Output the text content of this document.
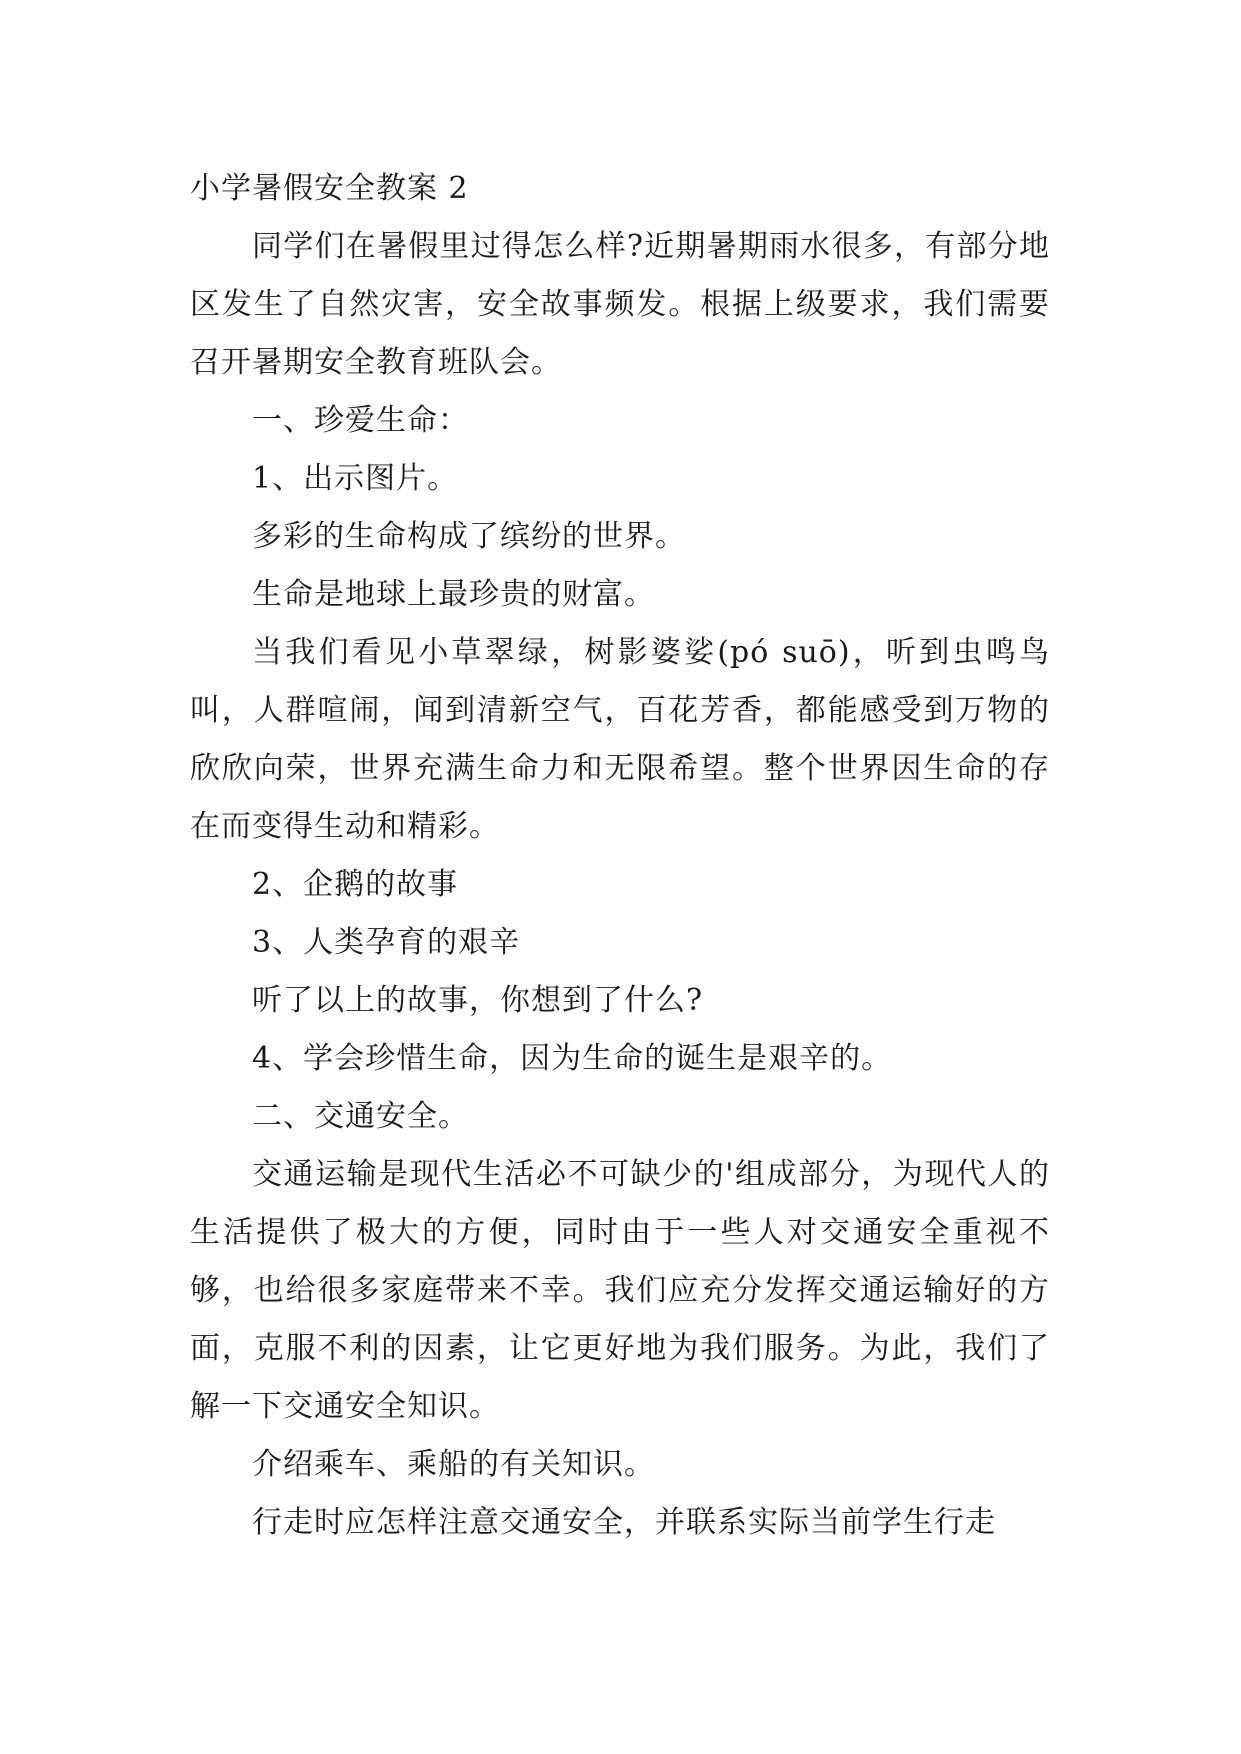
小学暑假安全教案 2

同学们在暑假里过得怎么样?近期暑期雨水很多，有部分地区发生了自然灾害，安全故事频发。根据上级要求，我们需要召开暑期安全教育班队会。

一、珍爱生命：

1、出示图片。

多彩的生命构成了缤纷的世界。

生命是地球上最珍贵的财富。

当我们看见小草翠绿，树影婆娑(pó suō)，听到虫鸣鸟叫，人群喧闹，闻到清新空气，百花芳香，都能感受到万物的欣欣向荣，世界充满生命力和无限希望。整个世界因生命的存在而变得生动和精彩。

2、企鹅的故事

3、人类孕育的艰辛

听了以上的故事，你想到了什么?

4、学会珍惜生命，因为生命的诞生是艰辛的。

二、交通安全。

交通运输是现代生活必不可缺少的'组成部分，为现代人的生活提供了极大的方便，同时由于一些人对交通安全重视不够，也给很多家庭带来不幸。我们应充分发挥交通运输好的方面，克服不利的因素，让它更好地为我们服务。为此，我们了解一下交通安全知识。

介绍乘车、乘船的有关知识。

行走时应怎样注意交通安全，并联系实际当前学生行走
